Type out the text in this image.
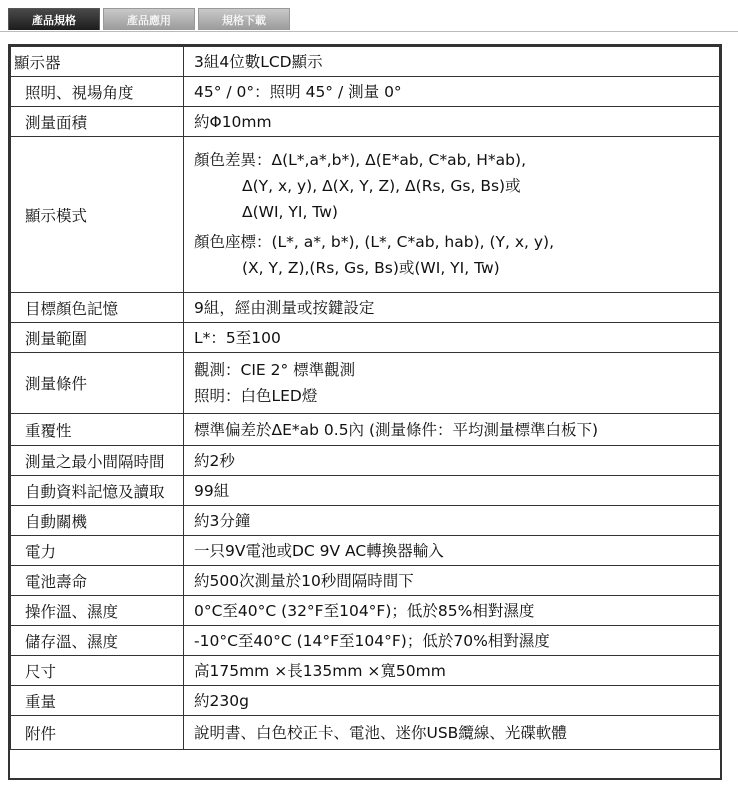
產品規格	產品應用	規格下載
顯示器	3組4位數LCD顯示

照明、視場角度	45° / 0°：照明 45° / 測量 0°

測量面積	約Φ10mm

顯示模式	顏色差異：Δ(L*,a*,b*), Δ(E*ab, C*ab, H*ab),
Δ(Y, x, y), Δ(X, Y, Z), Δ(Rs, Gs, Bs)或
Δ(WI, YI, Tw)
顏色座標：(L*, a*, b*), (L*, C*ab, hab), (Y, x, y),
(X, Y, Z),(Rs, Gs, Bs)或(WI, YI, Tw)

目標顏色記憶	9組，經由測量或按鍵設定

測量範圍	L*：5至100

測量條件	觀測：CIE 2° 標準觀測
照明：白色LED燈

重覆性	標準偏差於ΔE*ab 0.5內 (測量條件：平均測量標準白板下)

測量之最小間隔時間	約2秒

自動資料記憶及讀取	99組

自動關機	約3分鐘

電力	一只9V電池或DC 9V AC轉換器輸入

電池壽命	約500次測量於10秒間隔時間下

操作溫、濕度	0°C至40°C (32°F至104°F)；低於85%相對濕度

儲存溫、濕度	-10°C至40°C (14°F至104°F)；低於70%相對濕度

尺寸	高175mm ×長135mm ×寬50mm

重量	約230g

附件	說明書、白色校正卡、電池、迷你USB纜線、光碟軟體
